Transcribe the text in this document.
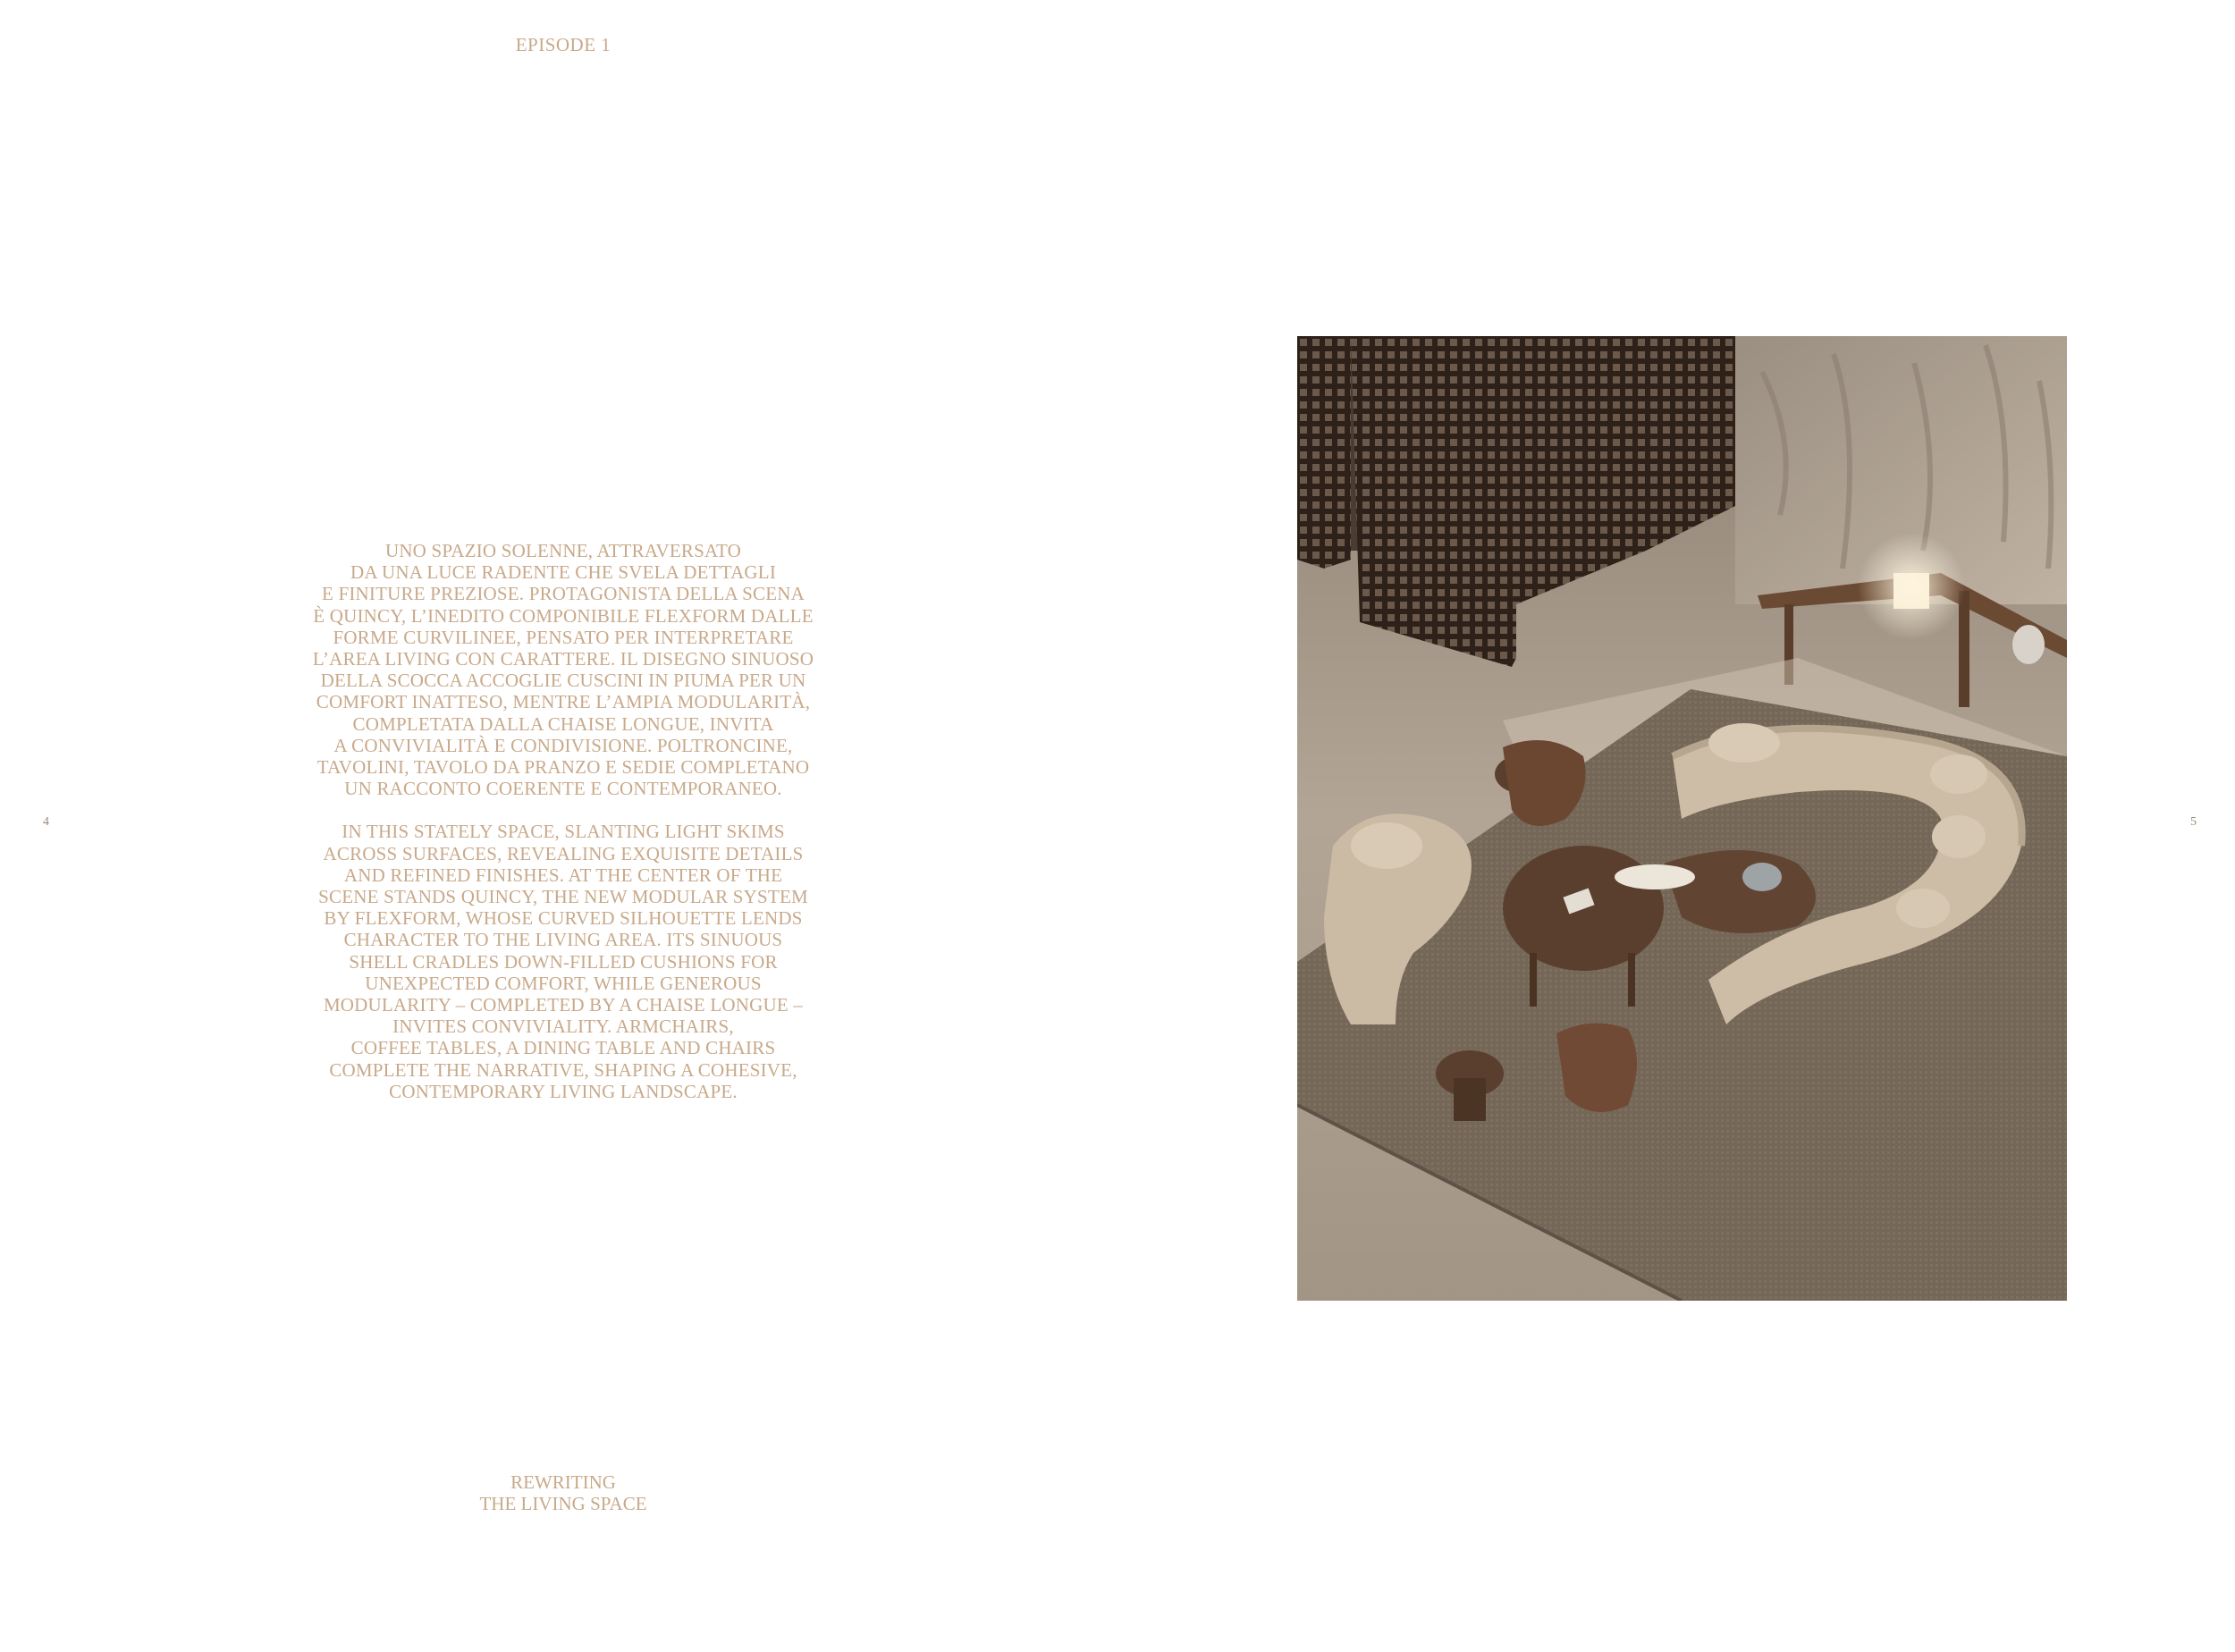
EPISODE 1
4	5
UNO SPAZIO SOLENNE, ATTRAVERSATO
DA UNA LUCE RADENTE CHE SVELA DETTAGLI
E FINITURE PREZIOSE. PROTAGONISTA DELLA SCENA
È QUINCY, L’INEDITO COMPONIBILE FLEXFORM DALLE
FORME CURVILINEE, PENSATO PER INTERPRETARE
L’AREA LIVING CON CARATTERE. IL DISEGNO SINUOSO
DELLA SCOCCA ACCOGLIE CUSCINI IN PIUMA PER UN
COMFORT INATTESO, MENTRE L’AMPIA MODULARITÀ,
COMPLETATA DALLA CHAISE LONGUE, INVITA
A CONVIVIALITÀ E CONDIVISIONE. POLTRONCINE,
TAVOLINI, TAVOLO DA PRANZO E SEDIE COMPLETANO
UN RACCONTO COERENTE E CONTEMPORANEO.
IN THIS STATELY SPACE, SLANTING LIGHT SKIMS
ACROSS SURFACES, REVEALING EXQUISITE DETAILS
AND REFINED FINISHES. AT THE CENTER OF THE
SCENE STANDS QUINCY, THE NEW MODULAR SYSTEM
BY FLEXFORM, WHOSE CURVED SILHOUETTE LENDS
CHARACTER TO THE LIVING AREA. ITS SINUOUS
SHELL CRADLES DOWN-FILLED CUSHIONS FOR
UNEXPECTED COMFORT, WHILE GENEROUS
MODULARITY – COMPLETED BY A CHAISE LONGUE –
INVITES CONVIVIALITY. ARMCHAIRS,
COFFEE TABLES, A DINING TABLE AND CHAIRS
COMPLETE THE NARRATIVE, SHAPING A COHESIVE,
CONTEMPORARY LIVING LANDSCAPE.
REWRITING
THE LIVING SPACE
